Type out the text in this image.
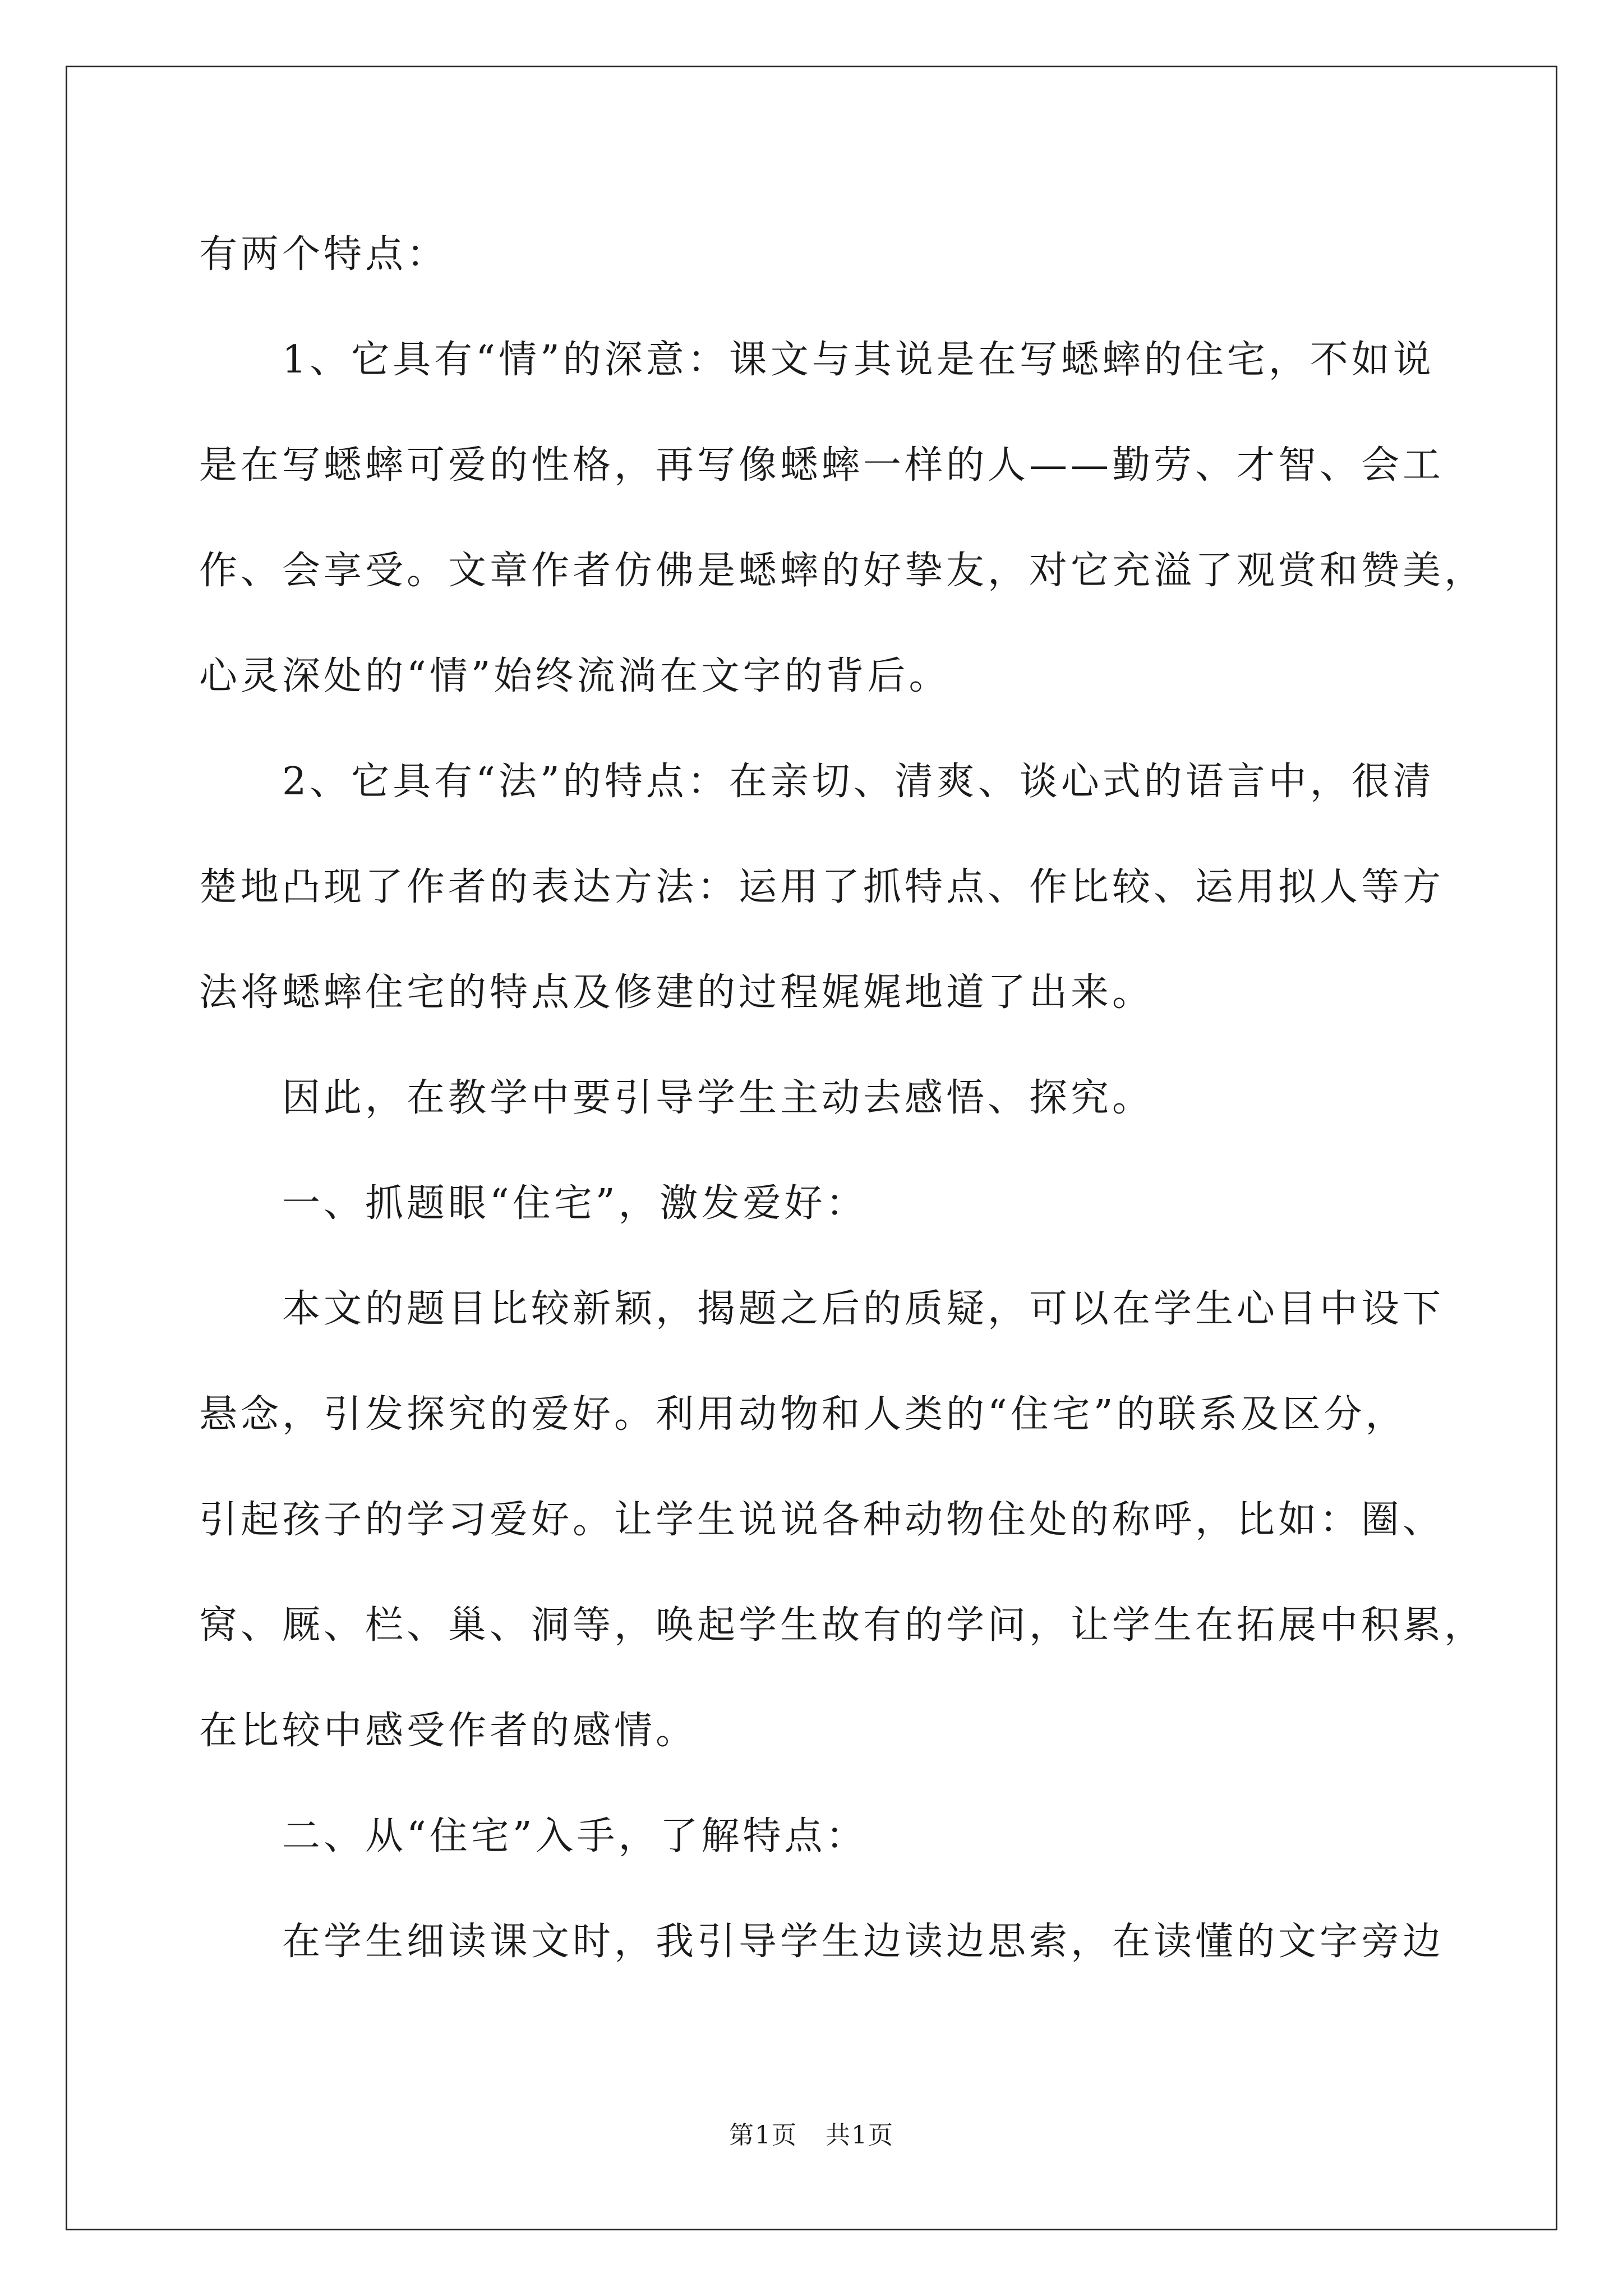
有两个特点：
1、它具有“情”的深意：课文与其说是在写蟋蟀的住宅，不如说
是在写蟋蟀可爱的性格，再写像蟋蟀一样的人——勤劳、才智、会工
作、会享受。文章作者仿佛是蟋蟀的好挚友，对它充溢了观赏和赞美，
心灵深处的“情”始终流淌在文字的背后。
2、它具有“法”的特点：在亲切、清爽、谈心式的语言中，很清
楚地凸现了作者的表达方法：运用了抓特点、作比较、运用拟人等方
法将蟋蟀住宅的特点及修建的过程娓娓地道了出来。
因此，在教学中要引导学生主动去感悟、探究。
一、抓题眼“住宅”，激发爱好：
本文的题目比较新颖，揭题之后的质疑，可以在学生心目中设下
悬念，引发探究的爱好。利用动物和人类的“住宅”的联系及区分，
引起孩子的学习爱好。让学生说说各种动物住处的称呼，比如：圈、
窝、厩、栏、巢、洞等，唤起学生故有的学问，让学生在拓展中积累，
在比较中感受作者的感情。
二、从“住宅”入手，了解特点：
在学生细读课文时，我引导学生边读边思索，在读懂的文字旁边
第1页 共1页
